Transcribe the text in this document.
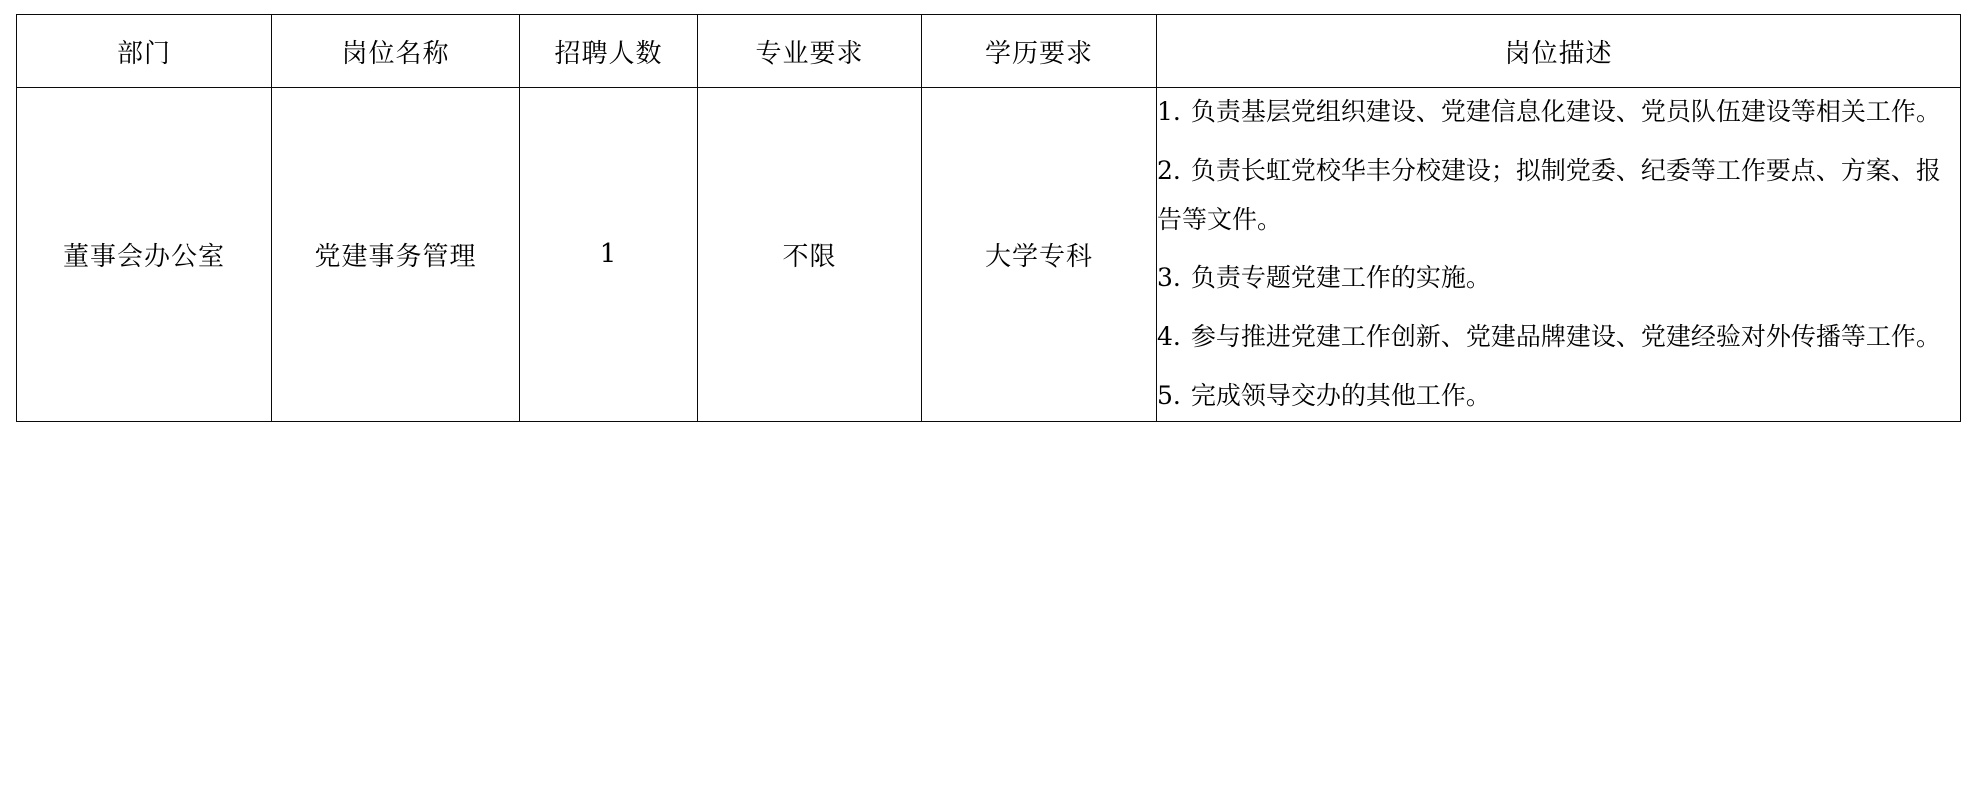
部门	岗位名称	招聘人数	专业要求	学历要求	岗位描述
董事会办公室	党建事务管理	1	不限	大学专科	1. 负责基层党组织建设、党建信息化建设、党员队伍建设等相关工作。
2. 负责长虹党校华丰分校建设；拟制党委、纪委等工作要点、方案、报告等文件。
3. 负责专题党建工作的实施。
4. 参与推进党建工作创新、党建品牌建设、党建经验对外传播等工作。
5. 完成领导交办的其他工作。
